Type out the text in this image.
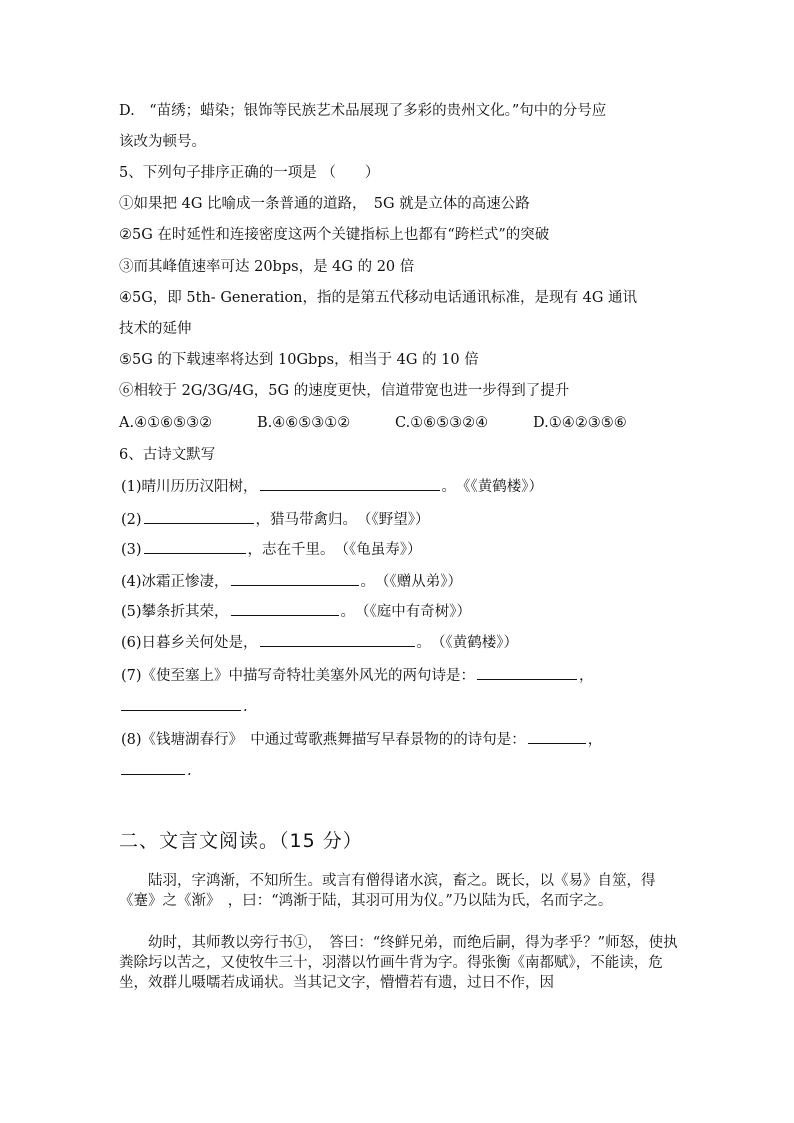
D.　“苗绣；蜡染；银饰等民族艺术品展现了多彩的贵州文化。”句中的分号应
该改为顿号。
5、下列句子排序正确的一项是 （　　）
①如果把 4G 比喻成一条普通的道路，　5G 就是立体的高速公路
②5G 在时延性和连接密度这两个关键指标上也都有“跨栏式”的突破
③而其峰值速率可达 20bps，是 4G 的 20 倍
④5G，即 5th- Generation，指的是第五代移动电话通讯标准，是现有 4G 通讯
技术的延伸
⑤5G 的下载速率将达到 10Gbps，相当于 4G 的 10 倍
⑥相较于 2G/3G/4G，5G 的速度更快，信道带宽也进一步得到了提升
A.④①⑥⑤③②	B.④⑥⑤③①②	C.①⑥⑤③②④	D.①④②③⑤⑥
6、古诗文默写
(1)晴川历历汉阳树，	。　《《黄鹤楼》）
(2)	，猎马带禽归。　（《野望》）
(3)	，志在千里。　（《龟虽寿》）
(4)冰霜正惨凄，	。　（《赠从弟》）
(5)攀条折其荣，	。　（《庭中有奇树》）
(6)日暮乡关何处是，	。　（《黄鹤楼》）
(7)《使至塞上》中描写奇特壮美塞外风光的两句诗是：	，
.
(8)《钱塘湖春行》　中通过莺歌燕舞描写早春景物的的诗句是：	，
.
二、文言文阅读。（15 分）
陆羽，字鸿渐，不知所生。或言有僧得诸水滨，畜之。既长，以《易》自筮，得《蹇》之《渐》　，曰：“鸿渐于陆，其羽可用为仪。”乃以陆为氏，名而字之。
幼时，其师教以旁行书①，　答曰：“终鲜兄弟，而绝后嗣，得为孝乎？”师怒，使执粪除圬以苦之，又使牧牛三十，羽潜以竹画牛背为字。得张衡《南都赋》，不能读，危坐，效群儿嗫嚅若成诵状。当其记文字，懵懵若有遗，过日不作，因
